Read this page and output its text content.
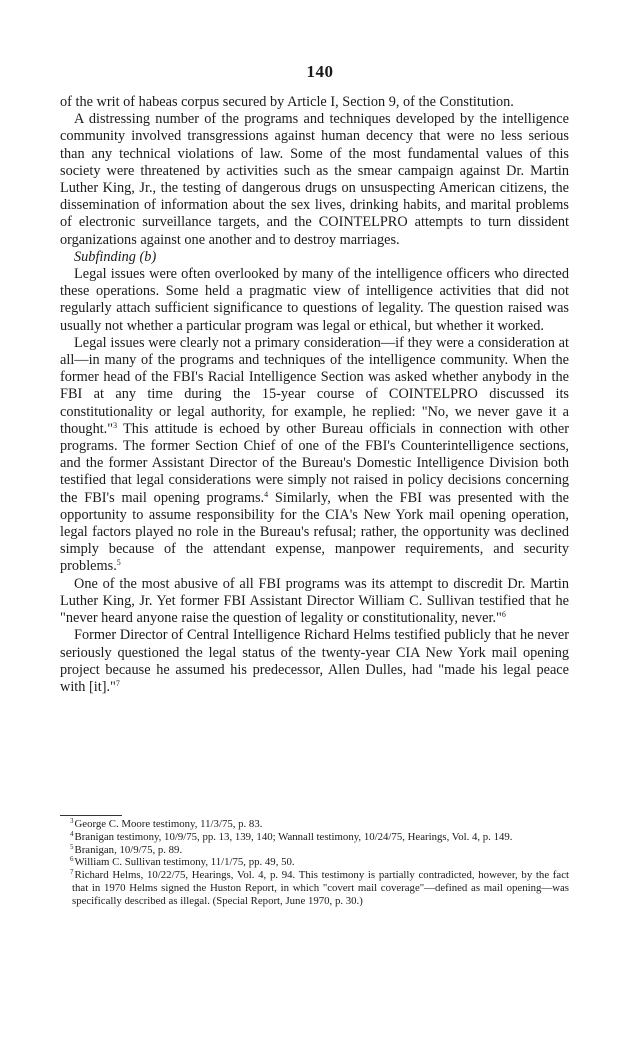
140

of the writ of habeas corpus secured by Article I, Section 9, of the Constitution.

A distressing number of the programs and techniques developed by the intelligence community involved transgressions against human decency that were no less serious than any technical violations of law. Some of the most fundamental values of this society were threatened by activities such as the smear campaign against Dr. Martin Luther King, Jr., the testing of dangerous drugs on unsuspecting American citizens, the dissemination of information about the sex lives, drinking habits, and marital problems of electronic surveillance targets, and the COINTELPRO attempts to turn dissident organizations against one another and to destroy marriages.

Subfinding (b)

Legal issues were often overlooked by many of the intelligence officers who directed these operations. Some held a pragmatic view of intelligence activities that did not regularly attach sufficient significance to questions of legality. The question raised was usually not whether a particular program was legal or ethical, but whether it worked.

Legal issues were clearly not a primary consideration—if they were a consideration at all—in many of the programs and techniques of the intelligence community. When the former head of the FBI's Racial Intelligence Section was asked whether anybody in the FBI at any time during the 15-year course of COINTELPRO discussed its constitutionality or legal authority, for example, he replied: "No, we never gave it a thought."$^3$ This attitude is echoed by other Bureau officials in connection with other programs. The former Section Chief of one of the FBI's Counterintelligence sections, and the former Assistant Director of the Bureau's Domestic Intelligence Division both testified that legal considerations were simply not raised in policy decisions concerning the FBI's mail opening programs.$^4$ Similarly, when the FBI was presented with the opportunity to assume responsibility for the CIA's New York mail opening operation, legal factors played no role in the Bureau's refusal; rather, the opportunity was declined simply because of the attendant expense, manpower requirements, and security problems.$^5$

One of the most abusive of all FBI programs was its attempt to discredit Dr. Martin Luther King, Jr. Yet former FBI Assistant Director William C. Sullivan testified that he "never heard anyone raise the question of legality or constitutionality, never."$^6$

Former Director of Central Intelligence Richard Helms testified publicly that he never seriously questioned the legal status of the twenty-year CIA New York mail opening project because he assumed his predecessor, Allen Dulles, had "made his legal peace with [it]."$^7$

$^3$George C. Moore testimony, 11/3/75, p. 83.

$^4$Branigan testimony, 10/9/75, pp. 13, 139, 140; Wannall testimony, 10/24/75, Hearings, Vol. 4, p. 149.

$^5$Branigan, 10/9/75, p. 89.

$^6$William C. Sullivan testimony, 11/1/75, pp. 49, 50.

$^7$Richard Helms, 10/22/75, Hearings, Vol. 4, p. 94. This testimony is partially contradicted, however, by the fact that in 1970 Helms signed the Huston Report, in which "covert mail coverage"—defined as mail opening—was specifically described as illegal. (Special Report, June 1970, p. 30.)
